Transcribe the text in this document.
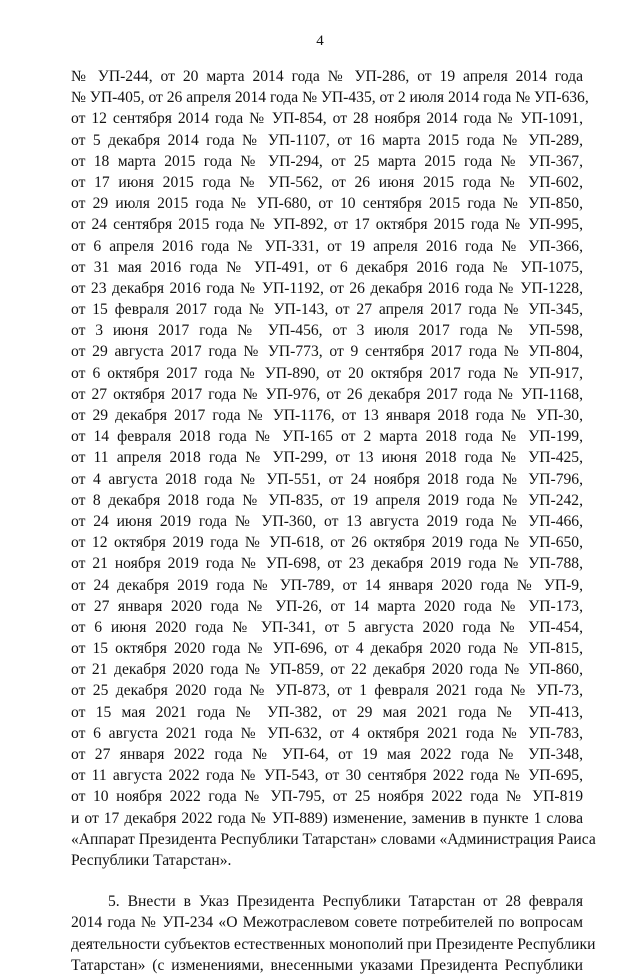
4
№ УП-244, от 20 марта 2014 года № УП-286, от 19 апреля 2014 года
№ УП-405, от 26 апреля 2014 года № УП-435, от 2 июля 2014 года № УП-636,
от 12 сентября 2014 года № УП-854, от 28 ноября 2014 года № УП-1091,
от 5 декабря 2014 года № УП-1107, от 16 марта 2015 года № УП-289,
от 18 марта 2015 года № УП-294, от 25 марта 2015 года № УП-367,
от 17 июня 2015 года № УП-562, от 26 июня 2015 года № УП-602,
от 29 июля 2015 года № УП-680, от 10 сентября 2015 года № УП-850,
от 24 сентября 2015 года № УП-892, от 17 октября 2015 года № УП-995,
от 6 апреля 2016 года № УП-331, от 19 апреля 2016 года № УП-366,
от 31 мая 2016 года № УП-491, от 6 декабря 2016 года № УП-1075,
от 23 декабря 2016 года № УП-1192, от 26 декабря 2016 года № УП-1228,
от 15 февраля 2017 года № УП-143, от 27 апреля 2017 года № УП-345,
от 3 июня 2017 года № УП-456, от 3 июля 2017 года № УП-598,
от 29 августа 2017 года № УП-773, от 9 сентября 2017 года № УП-804,
от 6 октября 2017 года № УП-890, от 20 октября 2017 года № УП-917,
от 27 октября 2017 года № УП-976, от 26 декабря 2017 года № УП-1168,
от 29 декабря 2017 года № УП-1176, от 13 января 2018 года № УП-30,
от 14 февраля 2018 года № УП-165 от 2 марта 2018 года № УП-199,
от 11 апреля 2018 года № УП-299, от 13 июня 2018 года № УП-425,
от 4 августа 2018 года № УП-551, от 24 ноября 2018 года № УП-796,
от 8 декабря 2018 года № УП-835, от 19 апреля 2019 года № УП-242,
от 24 июня 2019 года № УП-360, от 13 августа 2019 года № УП-466,
от 12 октября 2019 года № УП-618, от 26 октября 2019 года № УП-650,
от 21 ноября 2019 года № УП-698, от 23 декабря 2019 года № УП-788,
от 24 декабря 2019 года № УП-789, от 14 января 2020 года № УП-9,
от 27 января 2020 года № УП-26, от 14 марта 2020 года № УП-173,
от 6 июня 2020 года № УП-341, от 5 августа 2020 года № УП-454,
от 15 октября 2020 года № УП-696, от 4 декабря 2020 года № УП-815,
от 21 декабря 2020 года № УП-859, от 22 декабря 2020 года № УП-860,
от 25 декабря 2020 года № УП-873, от 1 февраля 2021 года № УП-73,
от 15 мая 2021 года № УП-382, от 29 мая 2021 года № УП-413,
от 6 августа 2021 года № УП-632, от 4 октября 2021 года № УП-783,
от 27 января 2022 года № УП-64, от 19 мая 2022 года № УП-348,
от 11 августа 2022 года № УП-543, от 30 сентября 2022 года № УП-695,
от 10 ноября 2022 года № УП-795, от 25 ноября 2022 года № УП-819
и от 17 декабря 2022 года № УП-889) изменение, заменив в пункте 1 слова
«Аппарат Президента Республики Татарстан» словами «Администрация Раиса
Республики Татарстан».
5. Внести в Указ Президента Республики Татарстан от 28 февраля
2014 года № УП-234 «О Межотраслевом совете потребителей по вопросам
деятельности субъектов естественных монополий при Президенте Республики
Татарстан» (с изменениями, внесенными указами Президента Республики
